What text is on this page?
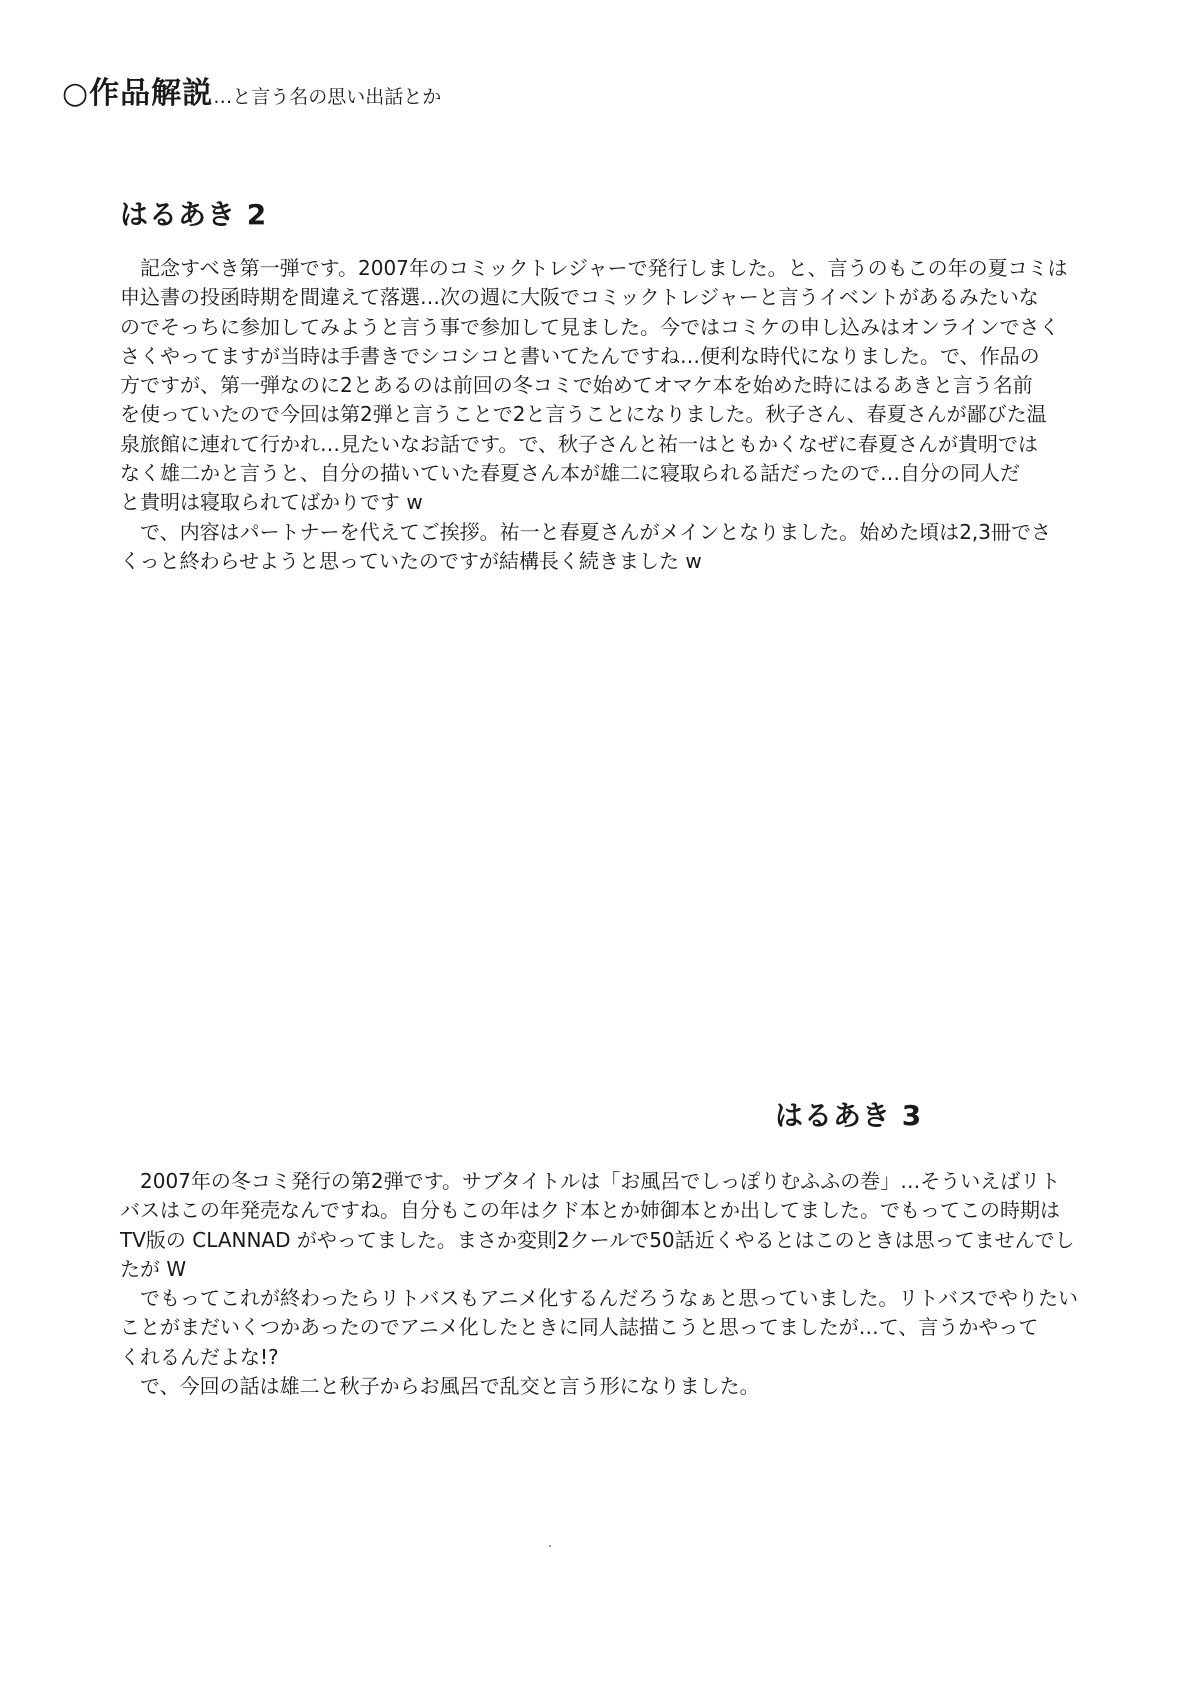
○作品解説…と言う名の思い出話とか
はるあき 2
　記念すべき第一弾です。2007年のコミックトレジャーで発行しました。と、言うのもこの年の夏コミは
申込書の投函時期を間違えて落選…次の週に大阪でコミックトレジャーと言うイベントがあるみたいな
のでそっちに参加してみようと言う事で参加して見ました。今ではコミケの申し込みはオンラインでさく
さくやってますが当時は手書きでシコシコと書いてたんですね…便利な時代になりました。で、作品の
方ですが、第一弾なのに2とあるのは前回の冬コミで始めてオマケ本を始めた時にはるあきと言う名前
を使っていたので今回は第2弾と言うことで2と言うことになりました。秋子さん、春夏さんが鄙びた温
泉旅館に連れて行かれ…見たいなお話です。で、秋子さんと祐一はともかくなぜに春夏さんが貴明では
なく雄二かと言うと、自分の描いていた春夏さん本が雄二に寝取られる話だったので…自分の同人だ
と貴明は寝取られてばかりです w
　で、内容はパートナーを代えてご挨拶。祐一と春夏さんがメインとなりました。始めた頃は2,3冊でさ
くっと終わらせようと思っていたのですが結構長く続きました w
はるあき 3
　2007年の冬コミ発行の第2弾です。サブタイトルは「お風呂でしっぽりむふふの巻」…そういえばリト
バスはこの年発売なんですね。自分もこの年はクド本とか姉御本とか出してました。でもってこの時期は
TV版の CLANNAD がやってました。まさか変則2クールで50話近くやるとはこのときは思ってませんでし
たが W
　でもってこれが終わったらリトバスもアニメ化するんだろうなぁと思っていました。リトバスでやりたい
ことがまだいくつかあったのでアニメ化したときに同人誌描こうと思ってましたが…て、言うかやって
くれるんだよな!?
　で、今回の話は雄二と秋子からお風呂で乱交と言う形になりました。
